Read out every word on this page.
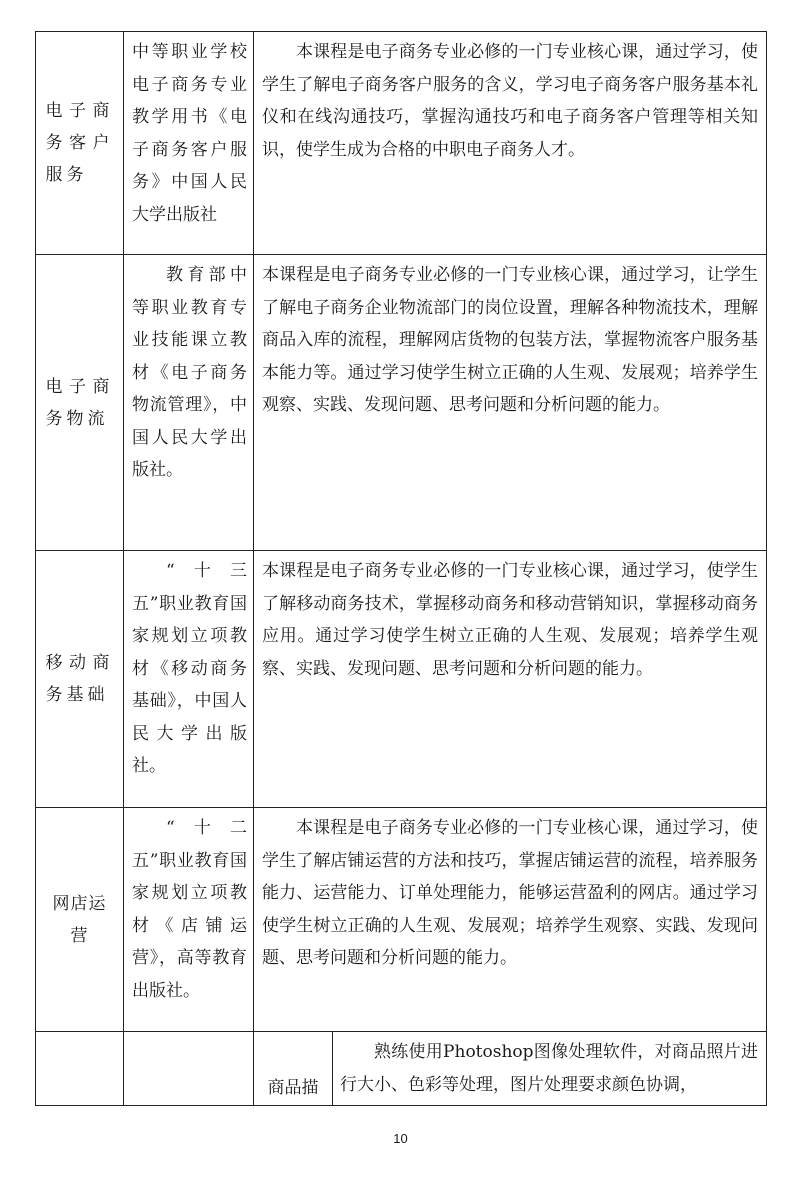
电子商务客户服务
中等职业学校电子商务专业教学用书《电子商务客户服务》中国人民大学出版社
本课程是电子商务专业必修的一门专业核心课，通过学习，使学生了解电子商务客户服务的含义，学习电子商务客户服务基本礼仪和在线沟通技巧，掌握沟通技巧和电子商务客户管理等相关知识，使学生成为合格的中职电子商务人才。
电子商务物流
教育部中等职业教育专业技能课立教材《电子商务物流管理》，中国人民大学出版社。
本课程是电子商务专业必修的一门专业核心课，通过学习，让学生了解电子商务企业物流部门的岗位设置，理解各种物流技术，理解商品入库的流程，理解网店货物的包装方法，掌握物流客户服务基本能力等。通过学习使学生树立正确的人生观、发展观；培养学生观察、实践、发现问题、思考问题和分析问题的能力。
移动商务基础
“十三五”职业教育国家规划立项教材《移动商务基础》，中国人民大学出版社。
本课程是电子商务专业必修的一门专业核心课，通过学习，使学生了解移动商务技术，掌握移动商务和移动营销知识，掌握移动商务应用。通过学习使学生树立正确的人生观、发展观；培养学生观察、实践、发现问题、思考问题和分析问题的能力。
网店运营
“十二五”职业教育国家规划立项教材《店铺运营》，高等教育出版社。
本课程是电子商务专业必修的一门专业核心课，通过学习，使学生了解店铺运营的方法和技巧，掌握店铺运营的流程，培养服务能力、运营能力、订单处理能力，能够运营盈利的网店。通过学习使学生树立正确的人生观、发展观；培养学生观察、实践、发现问题、思考问题和分析问题的能力。
商品描
熟练使用Photoshop图像处理软件，对商品照片进行大小、色彩等处理，图片处理要求颜色协调，
10
